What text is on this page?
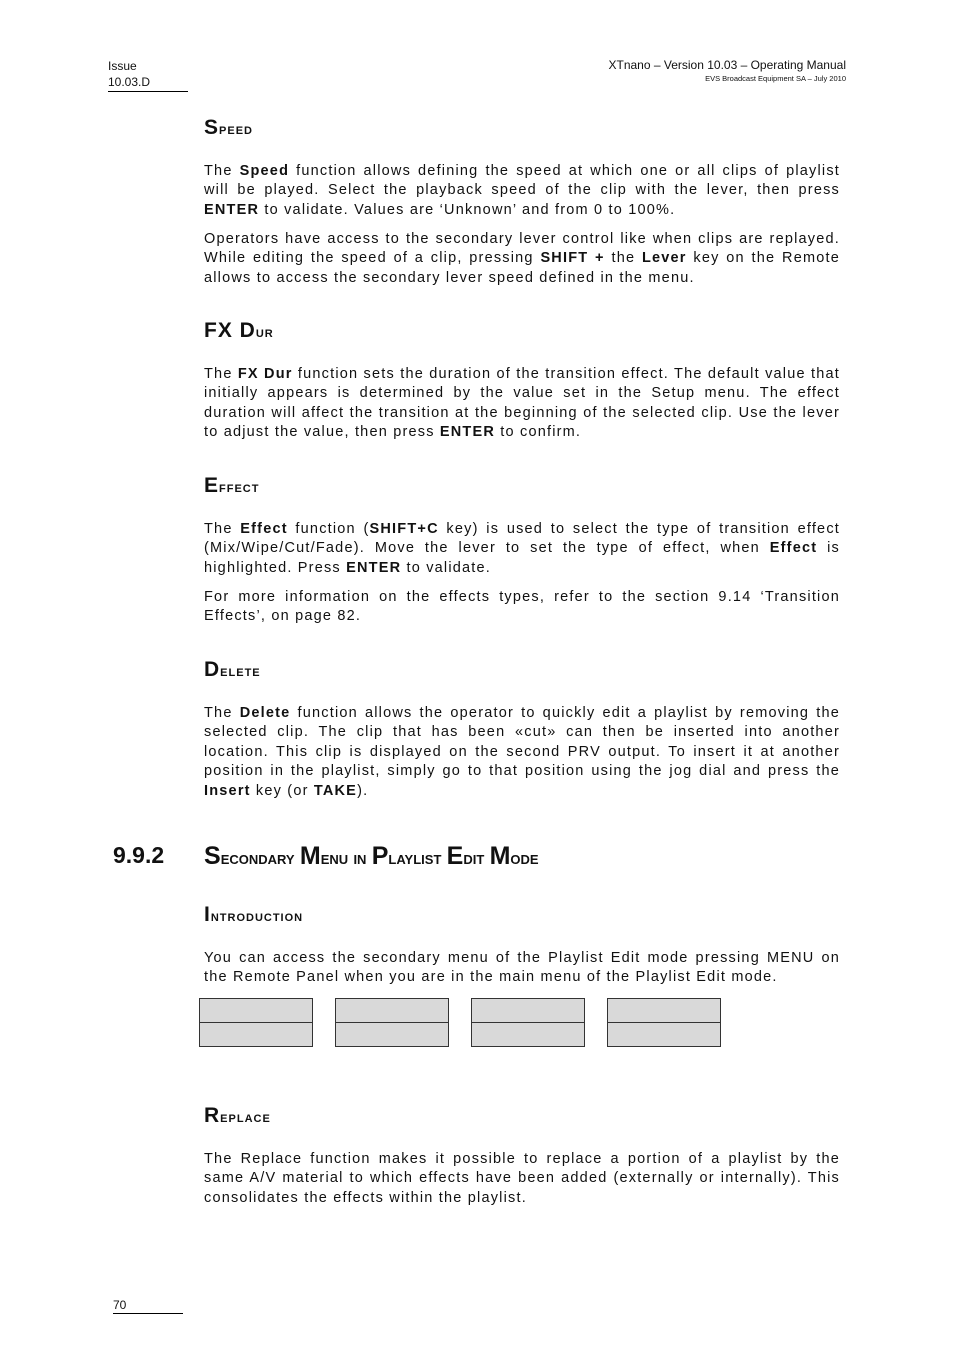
Issue
10.03.D
XTnano – Version 10.03 – Operating Manual
EVS Broadcast Equipment SA – July 2010
Speed

The Speed function allows defining the speed at which one or all clips of playlist will be played. Select the playback speed of the clip with the lever, then press ENTER to validate. Values are ‘Unknown’ and from 0 to 100%.

Operators have access to the secondary lever control like when clips are replayed. While editing the speed of a clip, pressing SHIFT + the Lever key on the Remote allows to access the secondary lever speed defined in the menu.

FX Dur

The FX Dur function sets the duration of the transition effect. The default value that initially appears is determined by the value set in the Setup menu. The effect duration will affect the transition at the beginning of the selected clip. Use the lever to adjust the value, then press ENTER to confirm.

Effect

The Effect function (SHIFT+C key) is used to select the type of transition effect (Mix/Wipe/Cut/Fade). Move the lever to set the type of effect, when Effect is highlighted. Press ENTER to validate.

For more information on the effects types, refer to the section 9.14 ‘Transition Effects’, on page 82.

Delete

The Delete function allows the operator to quickly edit a playlist by removing the selected clip. The clip that has been «cut» can then be inserted into another location. This clip is displayed on the second PRV output. To insert it at another position in the playlist, simply go to that position using the jog dial and press the Insert key (or TAKE).

Introduction

You can access the secondary menu of the Playlist Edit mode pressing MENU on the Remote Panel when you are in the main menu of the Playlist Edit mode.

Replace

The Replace function makes it possible to replace a portion of a playlist by the same A/V material to which effects have been added (externally or internally). This consolidates the effects within the playlist.

9.9.2 Secondary Menu in Playlist Edit Mode
70
